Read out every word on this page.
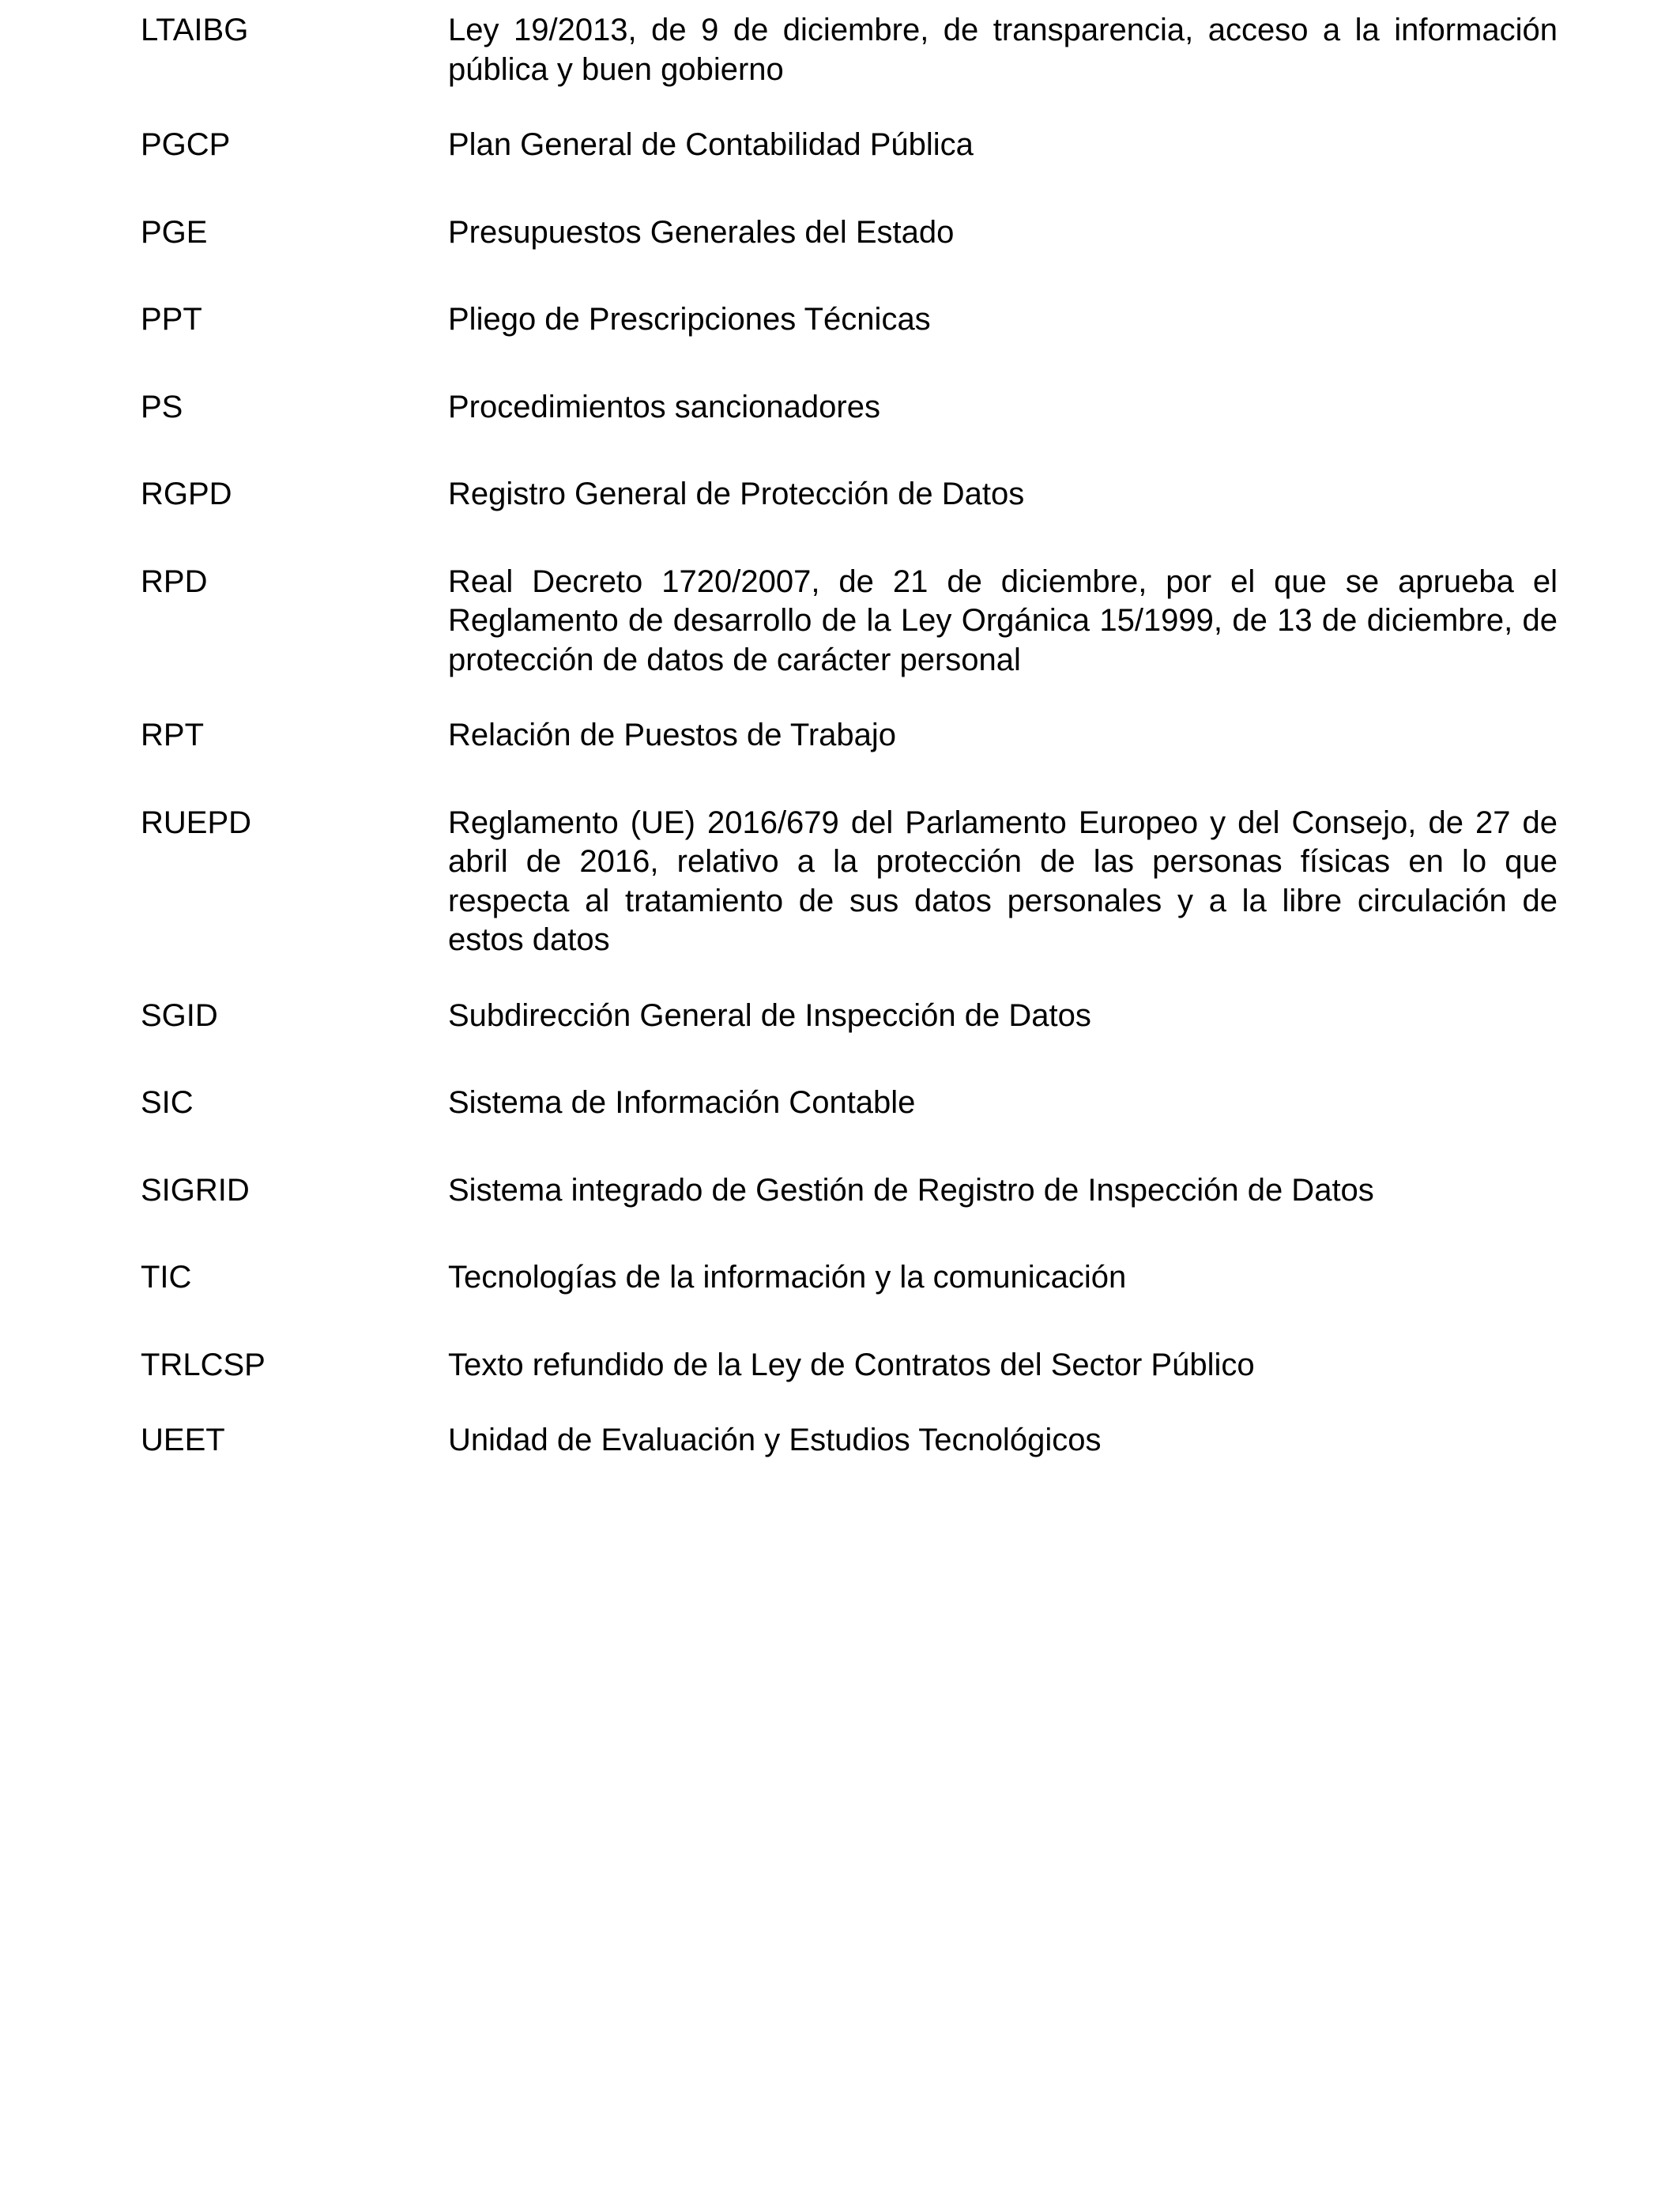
LTAIBG	Ley 19/2013, de 9 de diciembre, de transparencia, acceso a la información pública y buen gobierno
PGCP	Plan General de Contabilidad Pública
PGE	Presupuestos Generales del Estado
PPT	Pliego de Prescripciones Técnicas
PS	Procedimientos sancionadores
RGPD	Registro General de Protección de Datos
RPD	Real Decreto 1720/2007, de 21 de diciembre, por el que se aprueba el Reglamento de desarrollo de la Ley Orgánica 15/1999, de 13 de diciembre, de protección de datos de carácter personal
RPT	Relación de Puestos de Trabajo
RUEPD	Reglamento (UE) 2016/679 del Parlamento Europeo y del Consejo, de 27 de abril de 2016, relativo a la protección de las personas físicas en lo que respecta al tratamiento de sus datos personales y a la libre circulación de estos datos
SGID	Subdirección General de Inspección de Datos
SIC	Sistema de Información Contable
SIGRID	Sistema integrado de Gestión de Registro de Inspección de Datos
TIC	Tecnologías de la información y la comunicación
TRLCSP	Texto refundido de la Ley de Contratos del Sector Público
UEET	Unidad de Evaluación y Estudios Tecnológicos
